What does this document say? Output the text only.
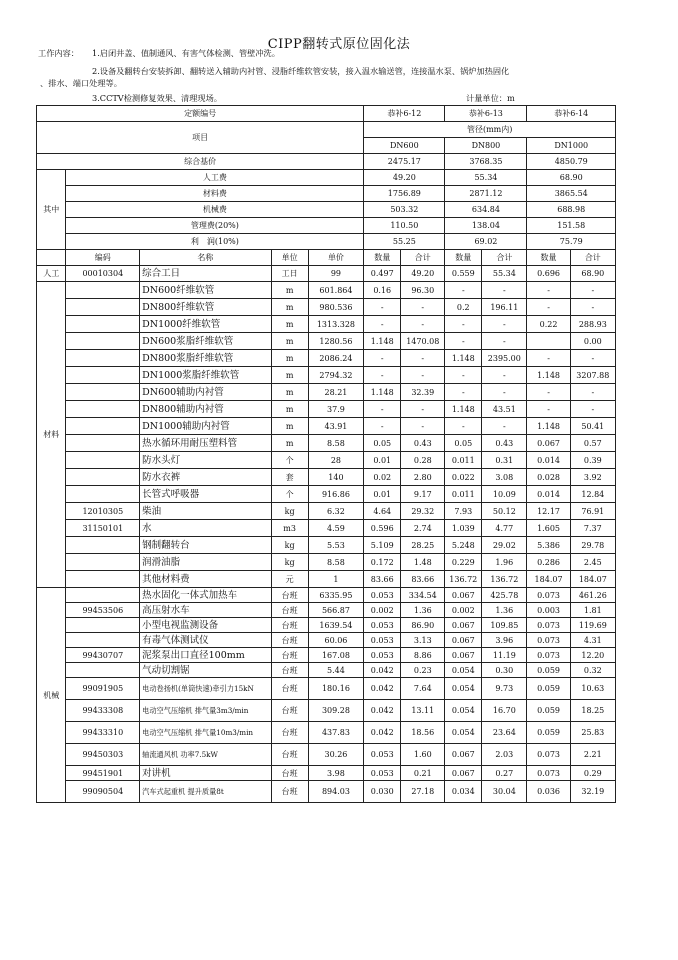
CIPP翻转式原位固化法
工作内容： 1.启闭井盖、值制通风、有害气体检测、管壁冲洗。
2.设备及翻转台安装拆卸、翻转送入辅助内衬管、浸脂纤维软管安装，接入温水输送管，连接温水泵、锅炉加热固化
、排水、端口处理等。
3.CCTV检测修复效果、清理现场。	计量单位：m
定额编号					恭补6-12		恭补6-13		恭补6-14	
项目					管径(mm内)					
					DN600		DN800		DN1000	
综合基价					2475.17		3768.35		4850.79	
其中	人工费				49.20		55.34		68.90	
	材料费				1756.89		2871.12		3865.54	
	机械费				503.32		634.84		688.98	
	管理费(20%)				110.50		138.04		151.58	
	利　润(10%)				55.25		69.02		75.79	
	编码	名称	单位	单价	数量	合计	数量	合计	数量	合计
人工	00010304	综合工日	工日	99	0.497	49.20	0.559	55.34	0.696	68.90
材料		DN600纤维软管	m	601.864	0.16	96.30	-	-	-	-
		DN800纤维软管	m	980.536	-	-	0.2	196.11	-	-
		DN1000纤维软管	m	1313.328	-	-	-	-	0.22	288.93
		DN600浆脂纤维软管	m	1280.56	1.148	1470.08	-	-		0.00
		DN800浆脂纤维软管	m	2086.24	-	-	1.148	2395.00	-	-
		DN1000浆脂纤维软管	m	2794.32	-	-	-	-	1.148	3207.88
		DN600辅助内衬管	m	28.21	1.148	32.39	-	-	-	-
		DN800辅助内衬管	m	37.9	-	-	1.148	43.51	-	-
		DN1000辅助内衬管	m	43.91	-	-	-	-	1.148	50.41
		热水循环用耐压塑料管	m	8.58	0.05	0.43	0.05	0.43	0.067	0.57
		防水头灯	个	28	0.01	0.28	0.011	0.31	0.014	0.39
		防水衣裤	套	140	0.02	2.80	0.022	3.08	0.028	3.92
		长管式呼吸器	个	916.86	0.01	9.17	0.011	10.09	0.014	12.84
	12010305	柴油	kg	6.32	4.64	29.32	7.93	50.12	12.17	76.91
	31150101	水	m3	4.59	0.596	2.74	1.039	4.77	1.605	7.37
		钢制翻转台	kg	5.53	5.109	28.25	5.248	29.02	5.386	29.78
		润滑油脂	kg	8.58	0.172	1.48	0.229	1.96	0.286	2.45
		其他材料费	元	1	83.66	83.66	136.72	136.72	184.07	184.07
机械		热水固化一体式加热车	台班	6335.95	0.053	334.54	0.067	425.78	0.073	461.26
	99453506	高压射水车	台班	566.87	0.002	1.36	0.002	1.36	0.003	1.81
		小型电视监测设备	台班	1639.54	0.053	86.90	0.067	109.85	0.073	119.69
		有毒气体测试仪	台班	60.06	0.053	3.13	0.067	3.96	0.073	4.31
	99430707	泥浆泵出口直径100mm	台班	167.08	0.053	8.86	0.067	11.19	0.073	12.20
		气动切割锯	台班	5.44	0.042	0.23	0.054	0.30	0.059	0.32
	99091905	电动卷扬机(单筒快速)牵引力15kN	台班	180.16	0.042	7.64	0.054	9.73	0.059	10.63
	99433308	电动空气压缩机 排气量3m3/min	台班	309.28	0.042	13.11	0.054	16.70	0.059	18.25
	99433310	电动空气压缩机 排气量10m3/min	台班	437.83	0.042	18.56	0.054	23.64	0.059	25.83
	99450303	轴流通风机 功率7.5kW	台班	30.26	0.053	1.60	0.067	2.03	0.073	2.21
	99451901	对讲机	台班	3.98	0.053	0.21	0.067	0.27	0.073	0.29
	99090504	汽车式起重机 提升质量8t	台班	894.03	0.030	27.18	0.034	30.04	0.036	32.19
